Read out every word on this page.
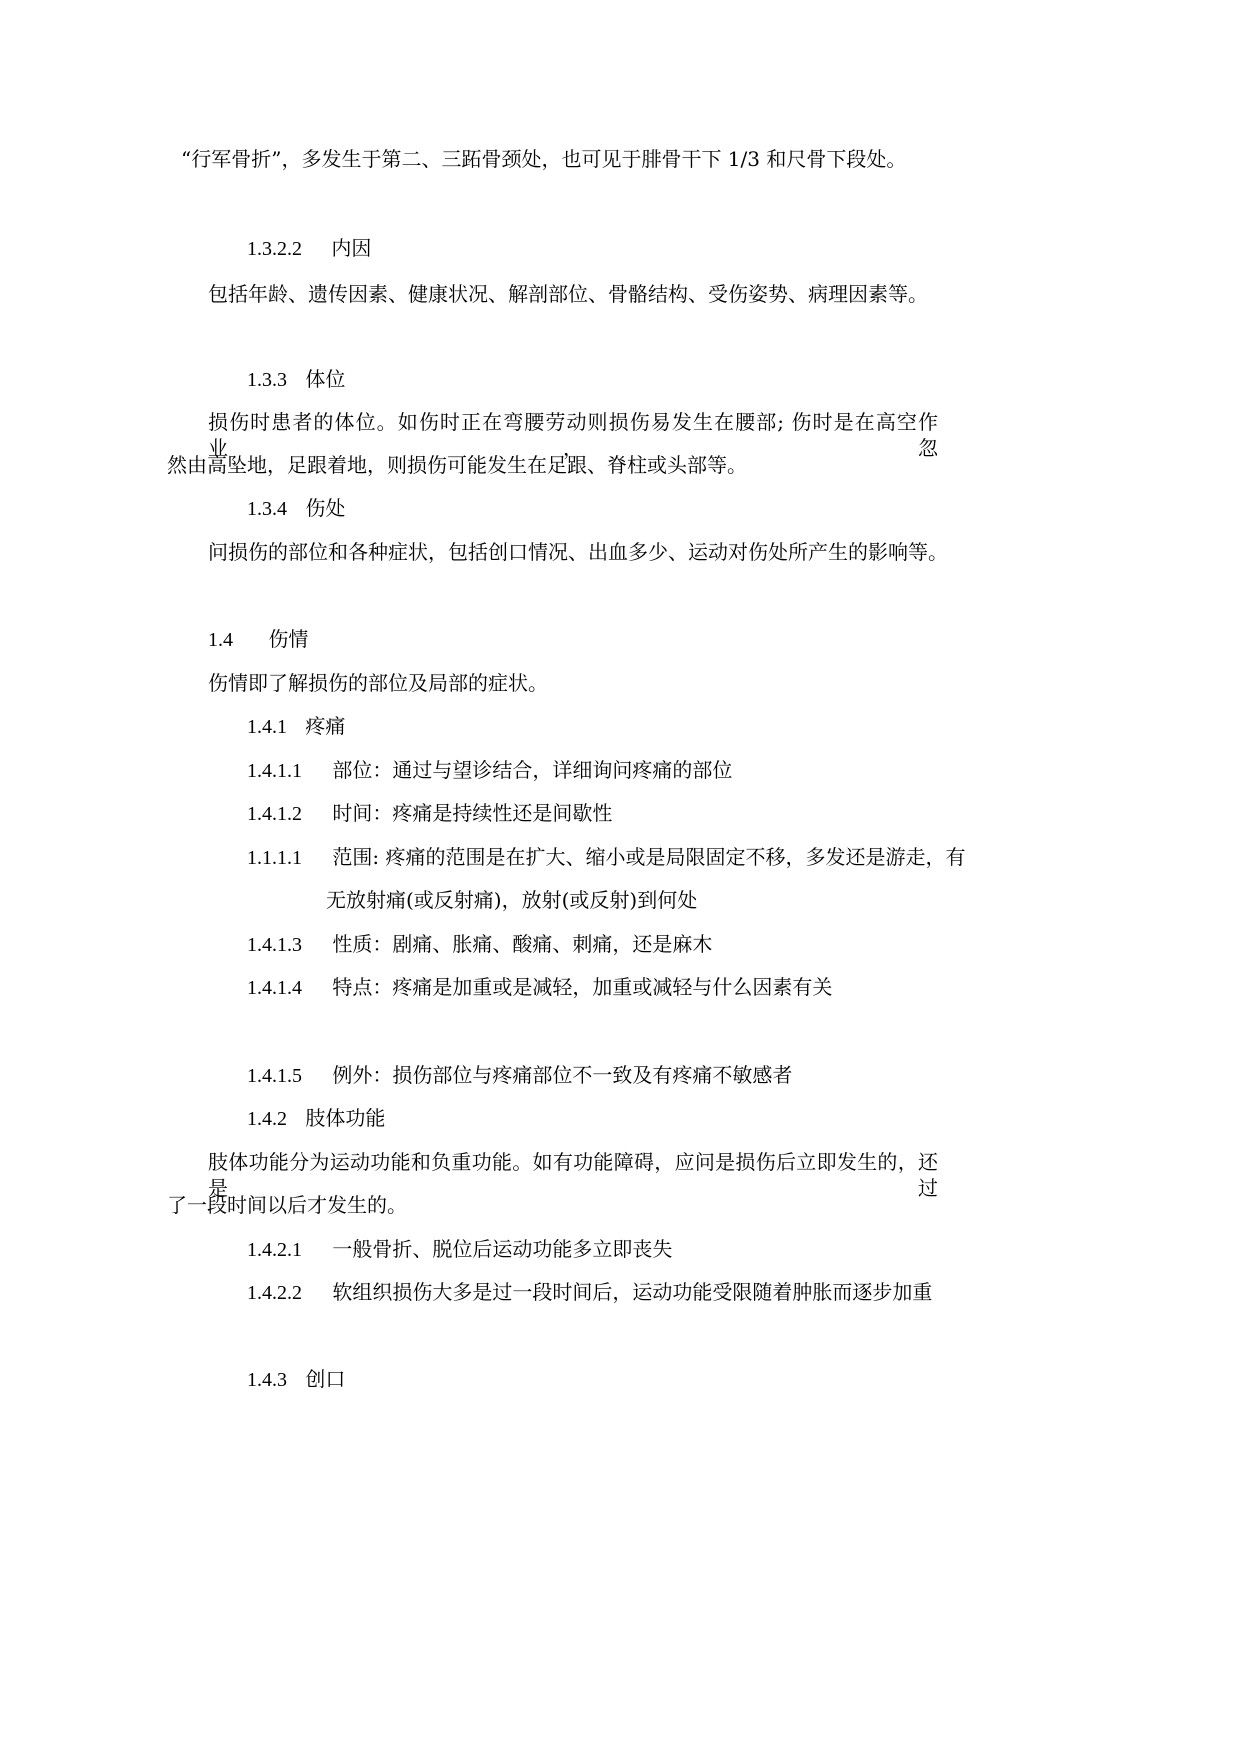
“行军骨折”，多发生于第二、三跖骨颈处，也可见于腓骨干下 1/3 和尺骨下段处。
1.3.2.2 内因
包括年龄、遗传因素、健康状况、解剖部位、骨骼结构、受伤姿势、病理因素等。
1.3.3 体位
损伤时患者的体位。如伤时正在弯腰劳动则损伤易发生在腰部; 伤时是在高空作业，忽
然由高坠地，足跟着地，则损伤可能发生在足跟、脊柱或头部等。
1.3.4 伤处
问损伤的部位和各种症状，包括创口情况、出血多少、运动对伤处所产生的影响等。
1.4 伤情
伤情即了解损伤的部位及局部的症状。
1.4.1 疼痛
1.4.1.1 部位：通过与望诊结合，详细询问疼痛的部位
1.4.1.2 时间：疼痛是持续性还是间歇性
1.1.1.1 范围: 疼痛的范围是在扩大、缩小或是局限固定不移，多发还是游走，有
无放射痛(或反射痛)，放射(或反射)到何处
1.4.1.3 性质：剧痛、胀痛、酸痛、刺痛，还是麻木
1.4.1.4 特点：疼痛是加重或是减轻，加重或减轻与什么因素有关
1.4.1.5 例外：损伤部位与疼痛部位不一致及有疼痛不敏感者
1.4.2 肢体功能
肢体功能分为运动功能和负重功能。如有功能障碍，应问是损伤后立即发生的，还是过
了一段时间以后才发生的。
1.4.2.1 一般骨折、脱位后运动功能多立即丧失
1.4.2.2 软组织损伤大多是过一段时间后，运动功能受限随着肿胀而逐步加重
1.4.3 创口
